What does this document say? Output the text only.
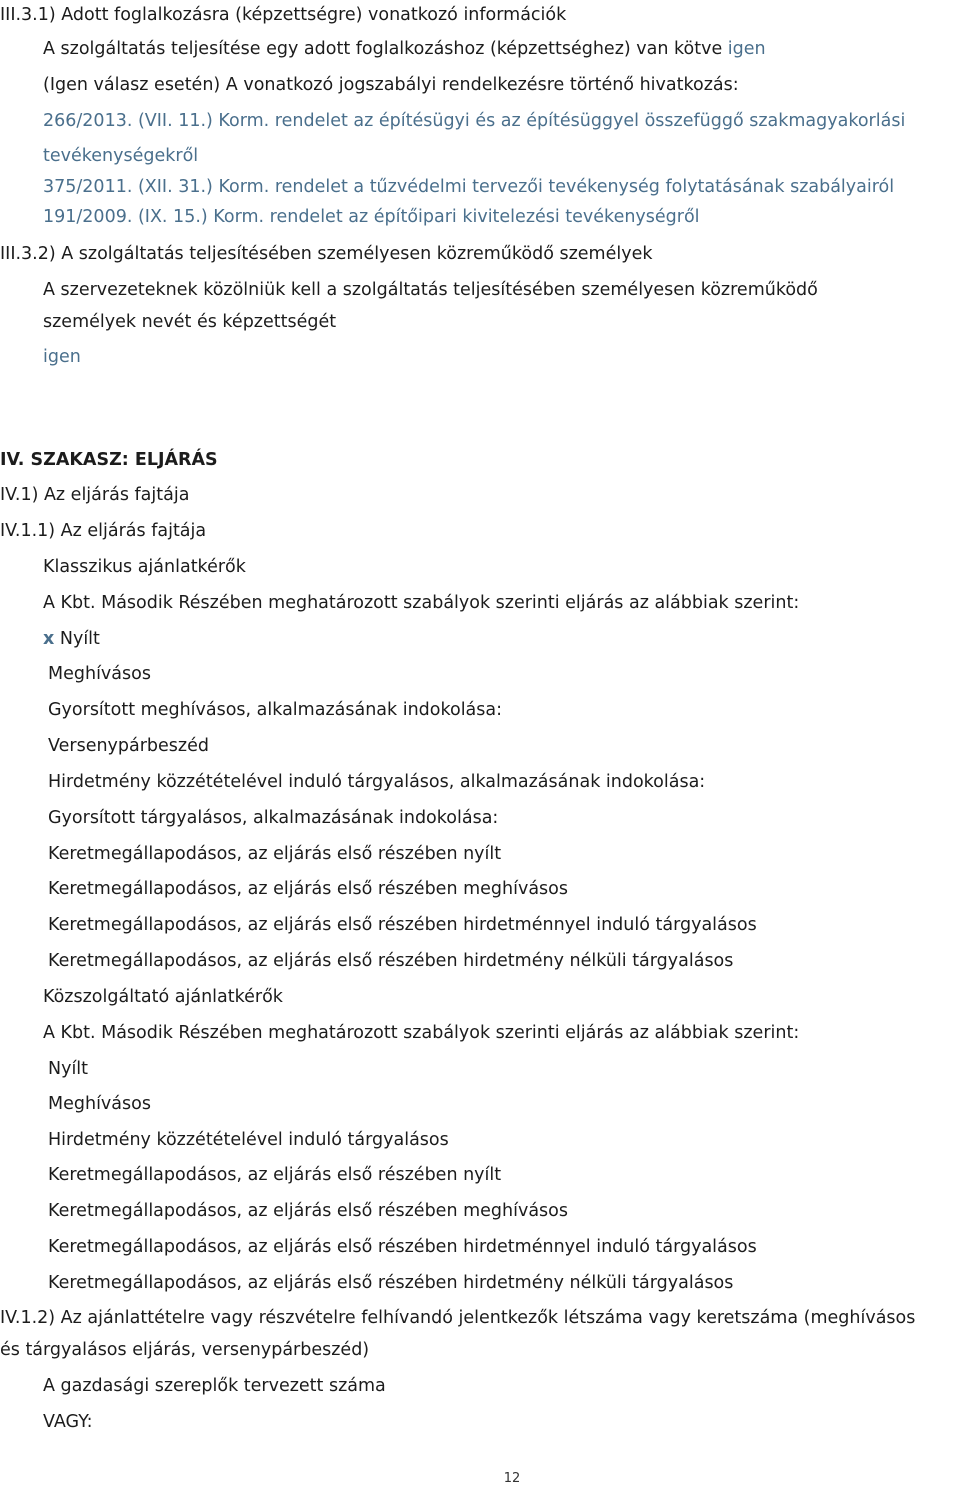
III.3.1) Adott foglalkozásra (képzettségre) vonatkozó információk
A szolgáltatás teljesítése egy adott foglalkozáshoz (képzettséghez) van kötve igen
(Igen válasz esetén) A vonatkozó jogszabályi rendelkezésre történő hivatkozás:
266/2013. (VII. 11.) Korm. rendelet az építésügyi és az építésüggyel összefüggő szakmagyakorlási
tevékenységekről
375/2011. (XII. 31.) Korm. rendelet a tűzvédelmi tervezői tevékenység folytatásának szabályairól
191/2009. (IX. 15.) Korm. rendelet az építőipari kivitelezési tevékenységről
III.3.2) A szolgáltatás teljesítésében személyesen közreműködő személyek
A szervezeteknek közölniük kell a szolgáltatás teljesítésében személyesen közreműködő
személyek nevét és képzettségét
igen
IV. SZAKASZ: ELJÁRÁS
IV.1) Az eljárás fajtája
IV.1.1) Az eljárás fajtája
Klasszikus ajánlatkérők
A Kbt. Második Részében meghatározott szabályok szerinti eljárás az alábbiak szerint:
x Nyílt
Meghívásos
Gyorsított meghívásos, alkalmazásának indokolása:
Versenypárbeszéd
Hirdetmény közzétételével induló tárgyalásos, alkalmazásának indokolása:
Gyorsított tárgyalásos, alkalmazásának indokolása:
Keretmegállapodásos, az eljárás első részében nyílt
Keretmegállapodásos, az eljárás első részében meghívásos
Keretmegállapodásos, az eljárás első részében hirdetménnyel induló tárgyalásos
Keretmegállapodásos, az eljárás első részében hirdetmény nélküli tárgyalásos
Közszolgáltató ajánlatkérők
A Kbt. Második Részében meghatározott szabályok szerinti eljárás az alábbiak szerint:
Nyílt
Meghívásos
Hirdetmény közzétételével induló tárgyalásos
Keretmegállapodásos, az eljárás első részében nyílt
Keretmegállapodásos, az eljárás első részében meghívásos
Keretmegállapodásos, az eljárás első részében hirdetménnyel induló tárgyalásos
Keretmegállapodásos, az eljárás első részében hirdetmény nélküli tárgyalásos
IV.1.2) Az ajánlattételre vagy részvételre felhívandó jelentkezők létszáma vagy keretszáma (meghívásos
és tárgyalásos eljárás, versenypárbeszéd)
A gazdasági szereplők tervezett száma
VAGY:
12
